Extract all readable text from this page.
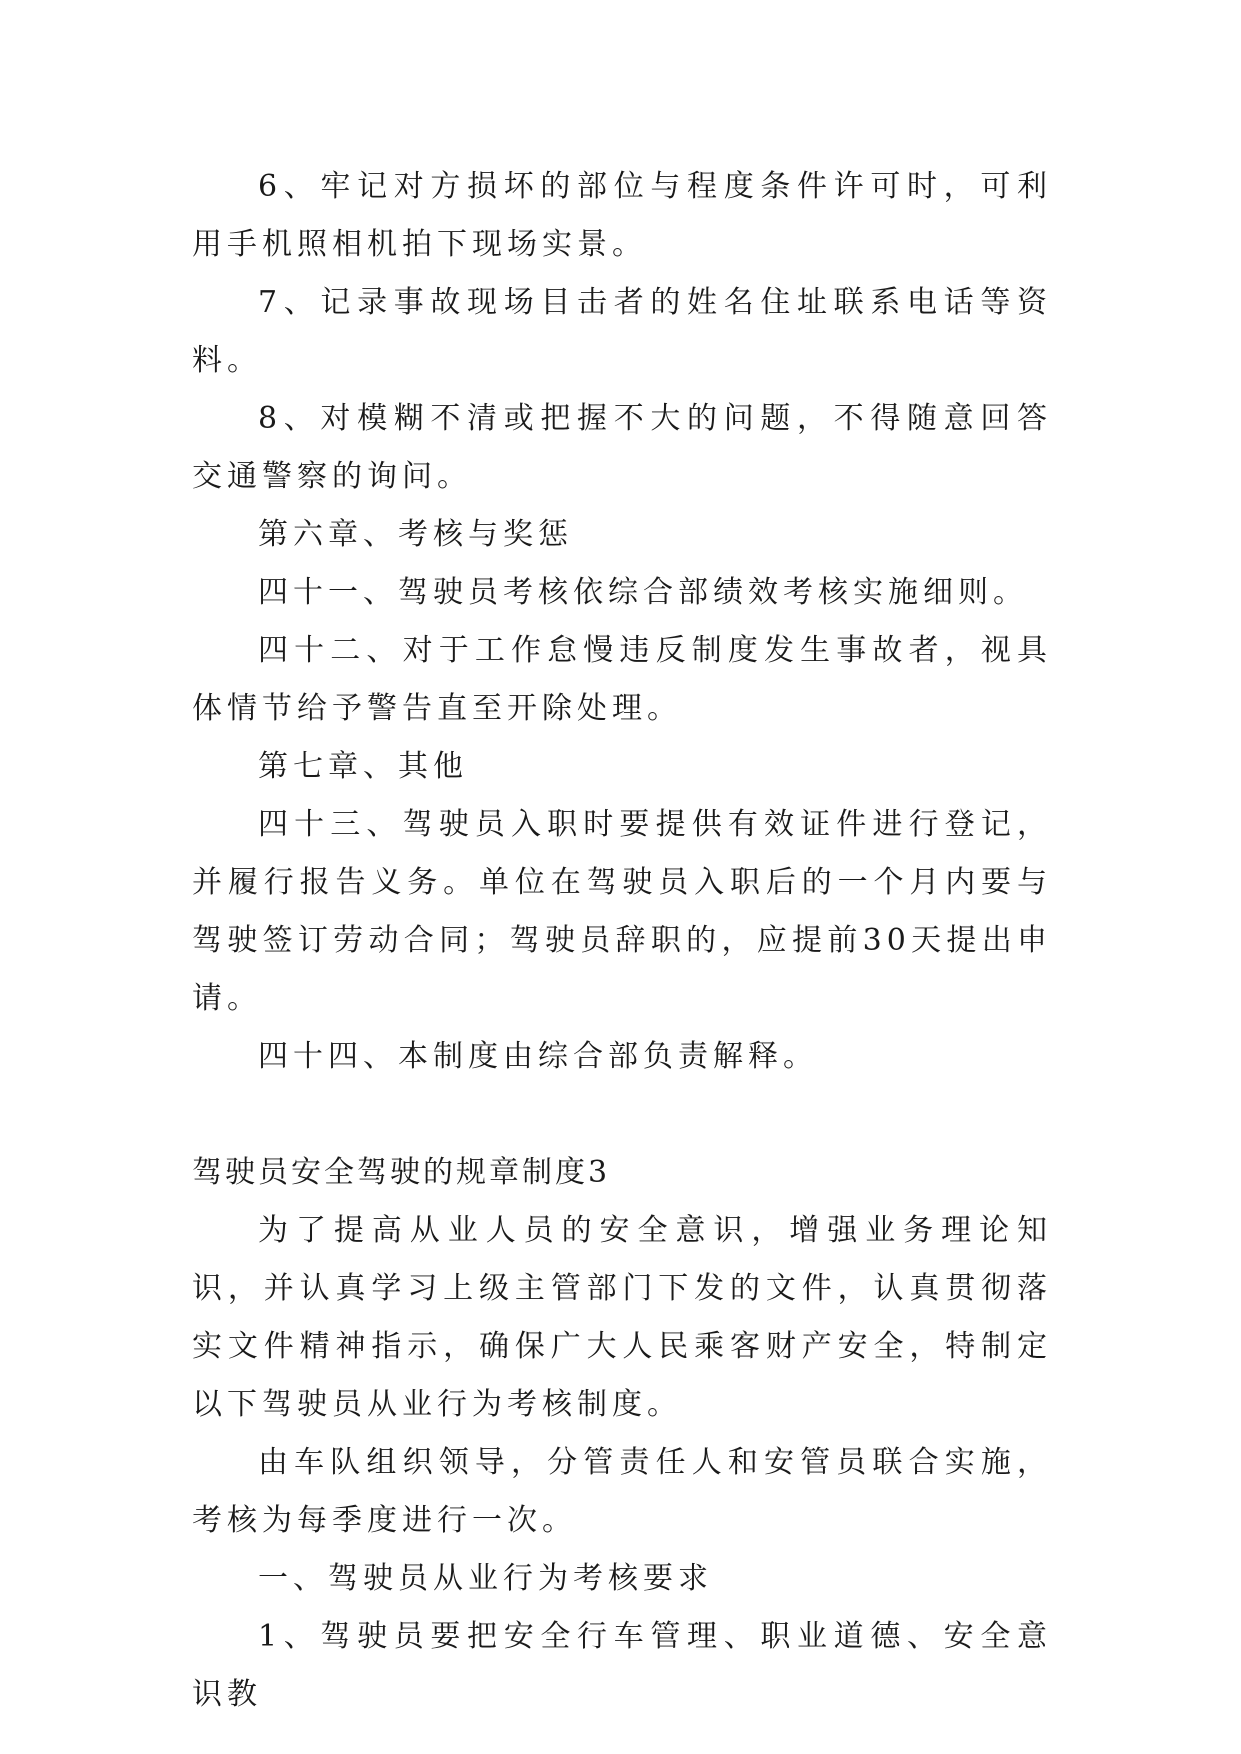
6、牢记对方损坏的部位与程度条件许可时，可利用手机照相机拍下现场实景。

7、记录事故现场目击者的姓名住址联系电话等资料。

8、对模糊不清或把握不大的问题，不得随意回答交通警察的询问。

第六章、考核与奖惩

四十一、驾驶员考核依综合部绩效考核实施细则。

四十二、对于工作怠慢违反制度发生事故者，视具体情节给予警告直至开除处理。

第七章、其他

四十三、驾驶员入职时要提供有效证件进行登记，并履行报告义务。单位在驾驶员入职后的一个月内要与驾驶签订劳动合同；驾驶员辞职的，应提前30天提出申请。

四十四、本制度由综合部负责解释。

驾驶员安全驾驶的规章制度3

为了提高从业人员的安全意识，增强业务理论知识，并认真学习上级主管部门下发的文件，认真贯彻落实文件精神指示，确保广大人民乘客财产安全，特制定以下驾驶员从业行为考核制度。

由车队组织领导，分管责任人和安管员联合实施，考核为每季度进行一次。

一、驾驶员从业行为考核要求

1、驾驶员要把安全行车管理、职业道德、安全意识教
